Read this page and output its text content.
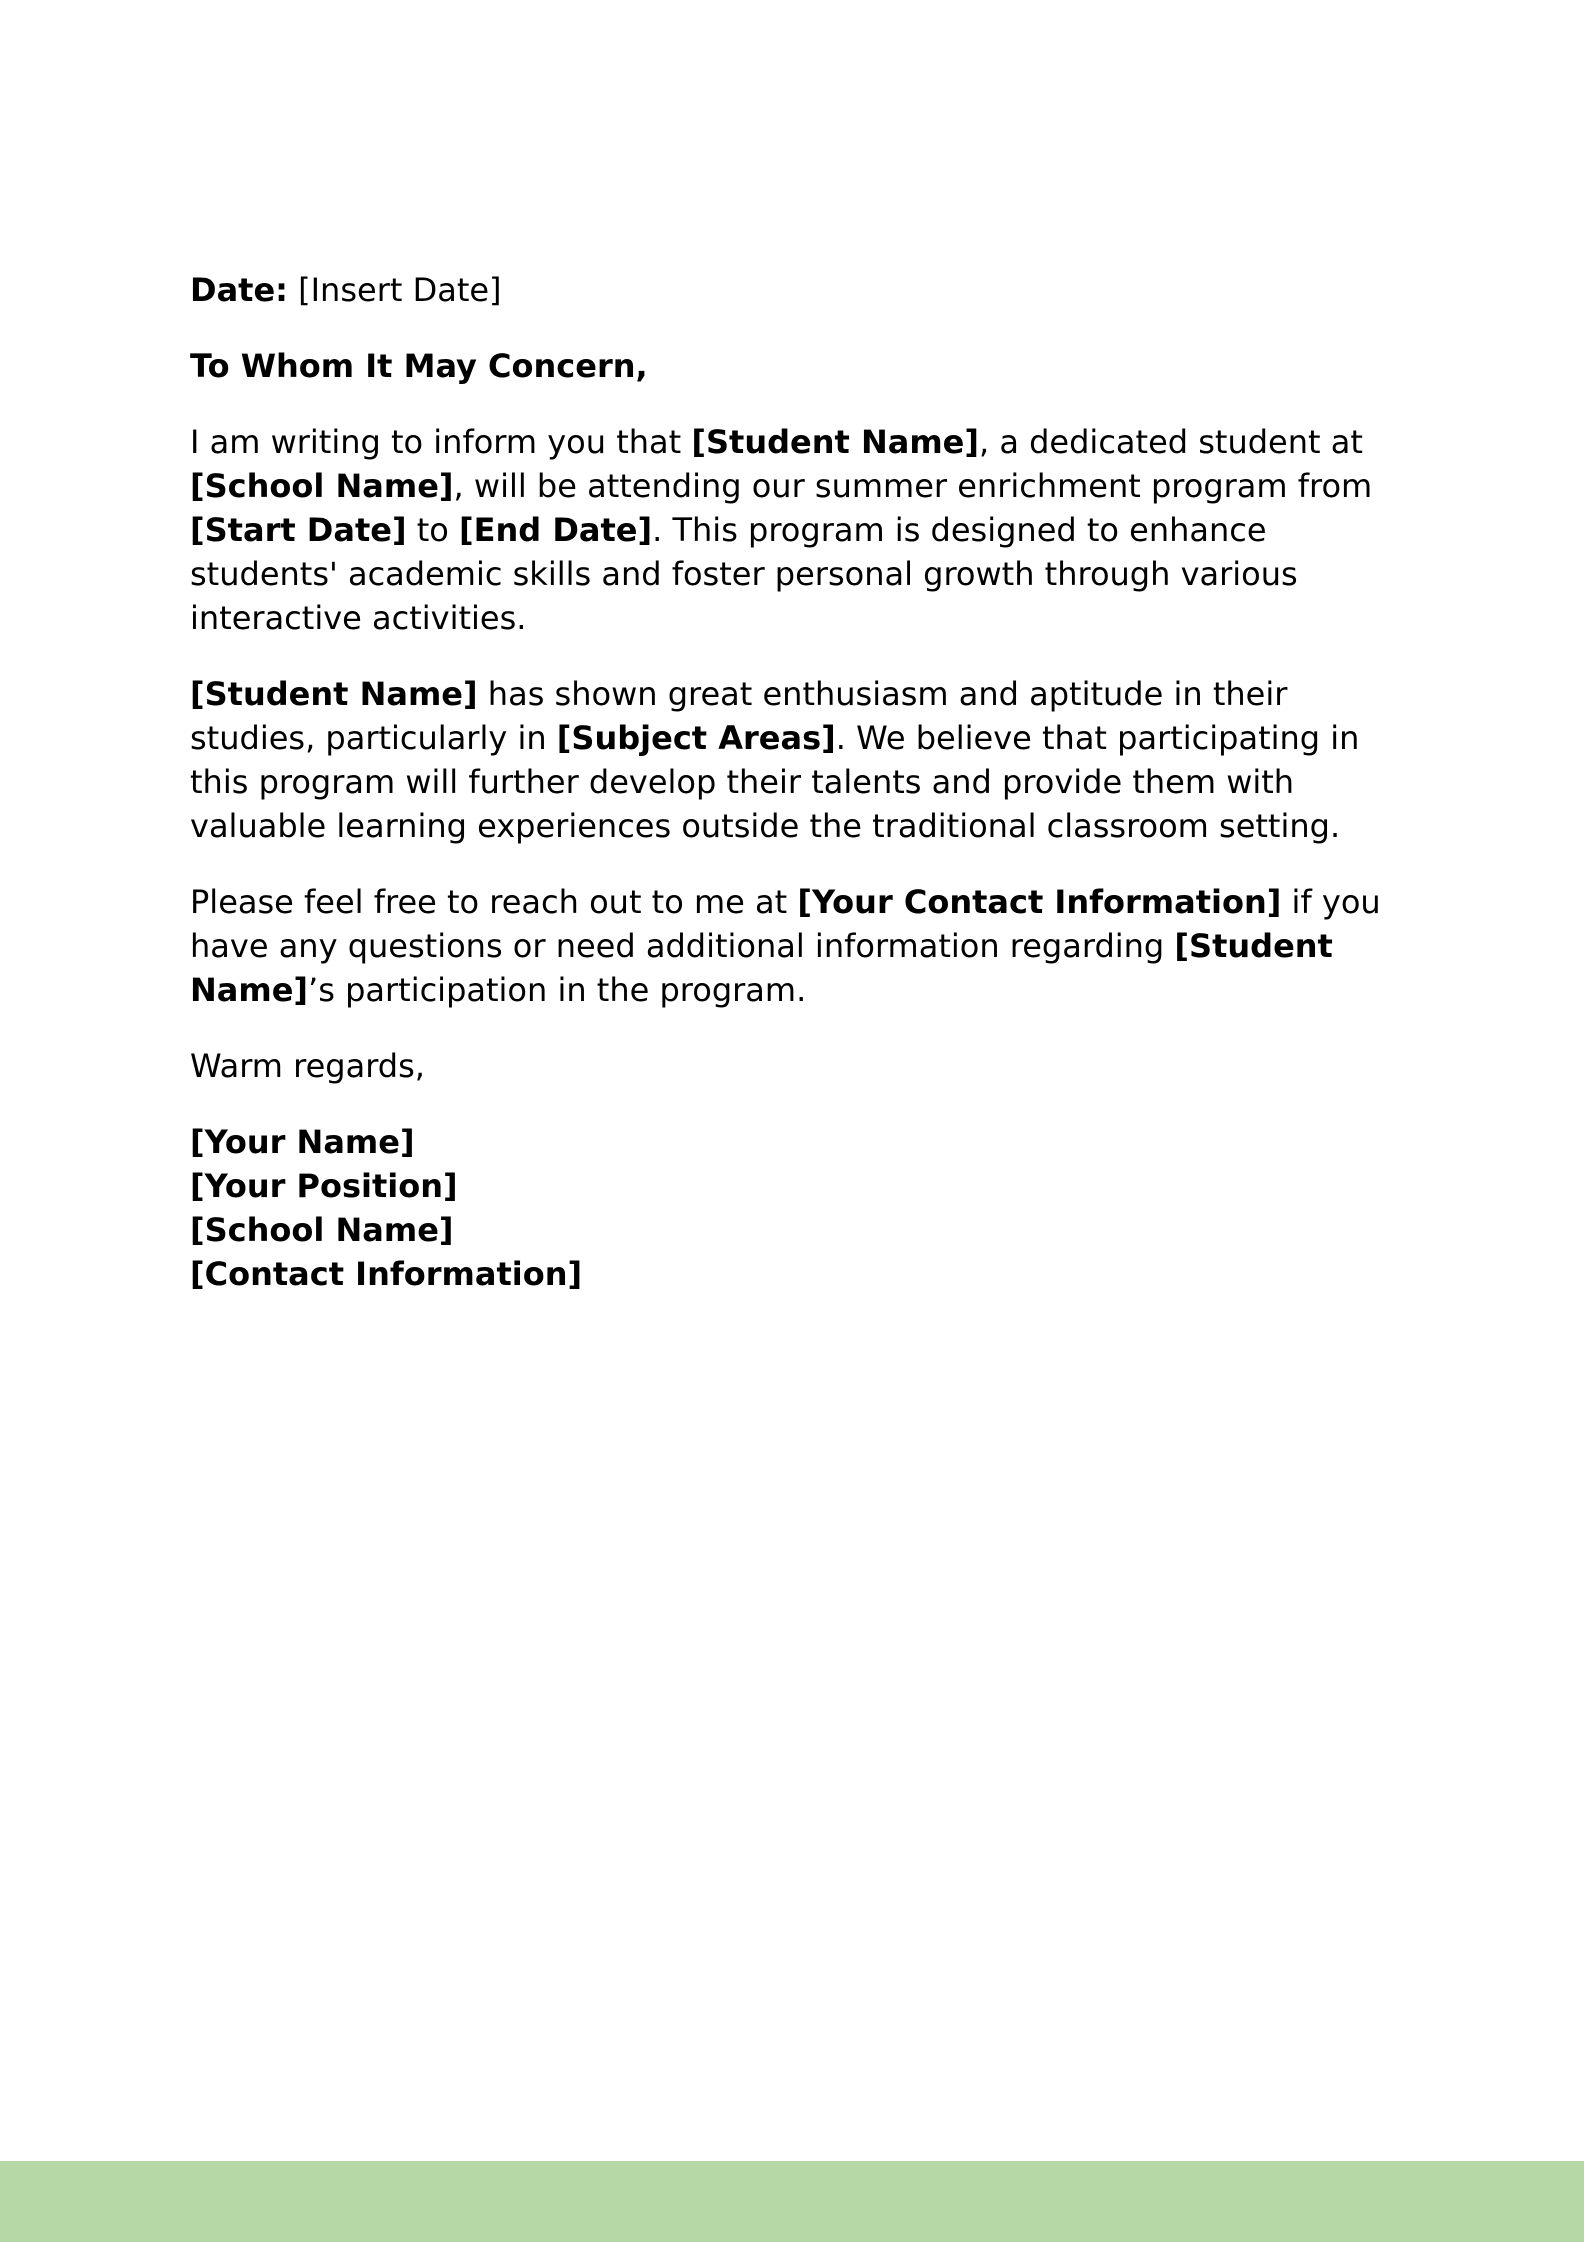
Date: [Insert Date]

To Whom It May Concern,

I am writing to inform you that [Student Name], a dedicated student at [School Name], will be attending our summer enrichment program from [Start Date] to [End Date]. This program is designed to enhance students' academic skills and foster personal growth through various interactive activities.

[Student Name] has shown great enthusiasm and aptitude in their studies, particularly in [Subject Areas]. We believe that participating in this program will further develop their talents and provide them with valuable learning experiences outside the traditional classroom setting.

Please feel free to reach out to me at [Your Contact Information] if you have any questions or need additional information regarding [Student Name]’s participation in the program.

Warm regards,

[Your Name]
[Your Position]
[School Name]
[Contact Information]
